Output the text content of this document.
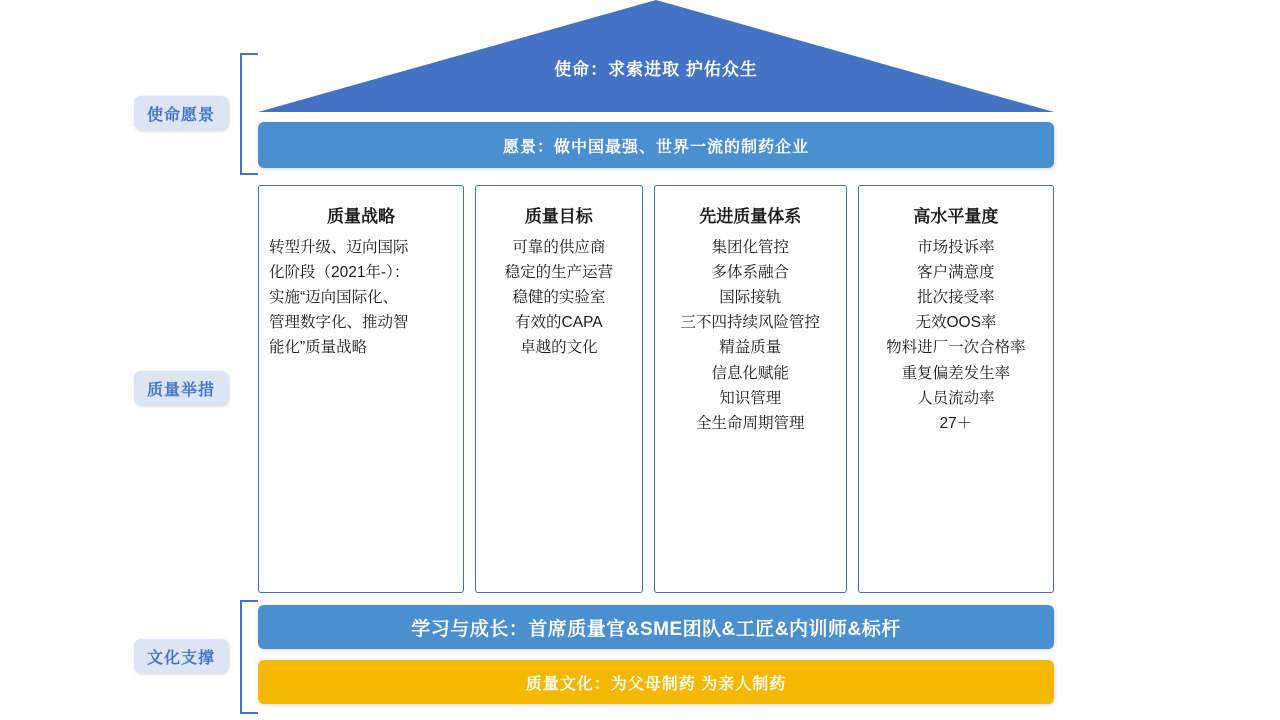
使命愿景
质量举措
文化支撑
使命：求索进取 护佑众生
愿景：做中国最强、世界一流的制药企业
质量战略
转型升级、迈向国际
化阶段（2021年-）：
实施“迈向国际化、
管理数字化、推动智
能化”质量战略
质量目标
可靠的供应商
稳定的生产运营
稳健的实验室
有效的CAPA
卓越的文化
先进质量体系
集团化管控
多体系融合
国际接轨
三不四持续风险管控
精益质量
信息化赋能
知识管理
全生命周期管理
高水平量度
市场投诉率
客户满意度
批次接受率
无效OOS率
物料进厂一次合格率
重复偏差发生率
人员流动率
27＋
学习与成长：首席质量官&SME团队&工匠&内训师&标杆
质量文化：为父母制药 为亲人制药
